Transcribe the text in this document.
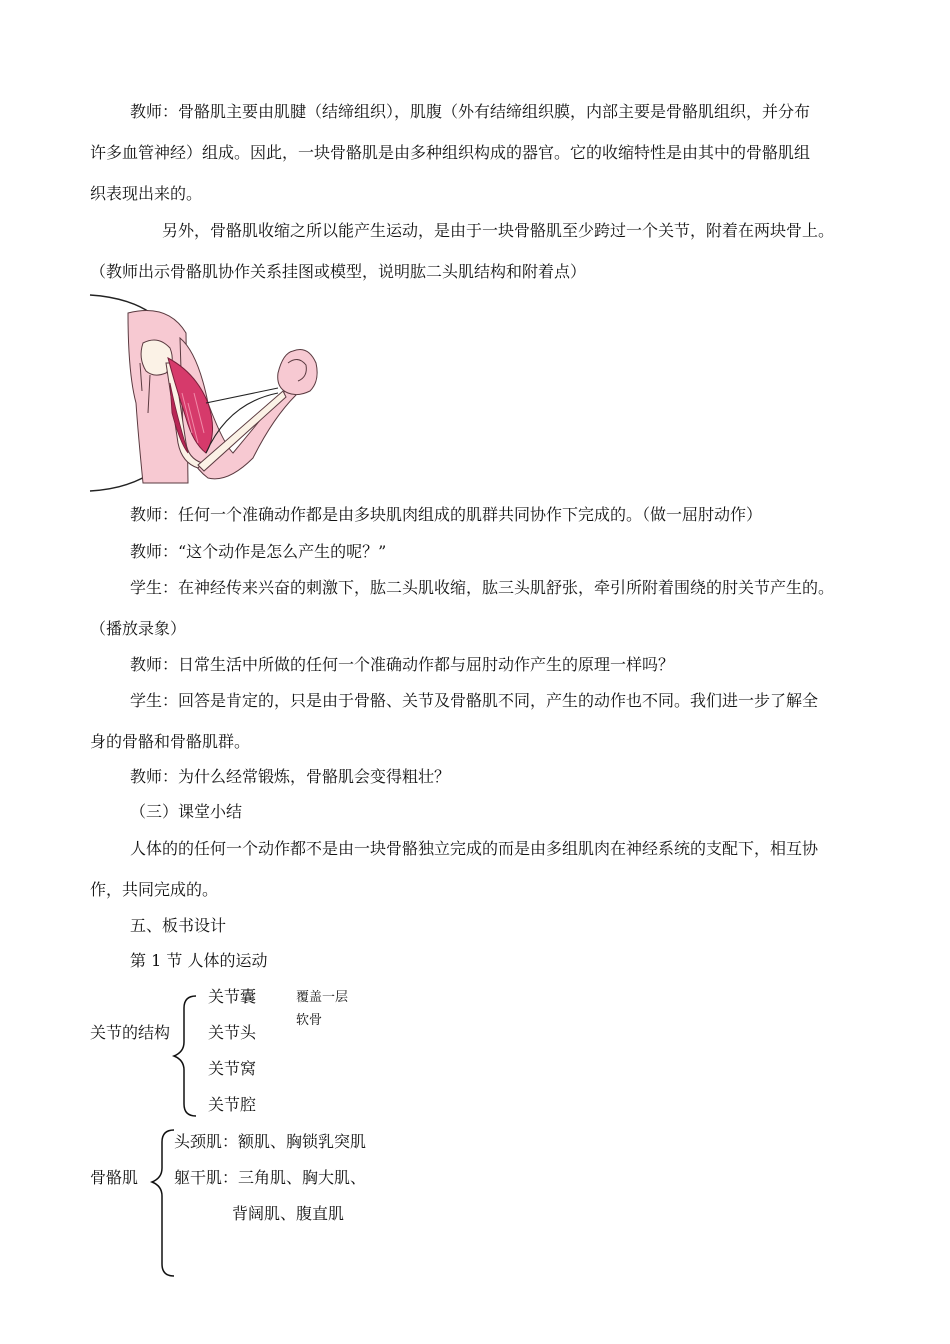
教师：骨骼肌主要由肌腱（结缔组织），肌腹（外有结缔组织膜，内部主要是骨骼肌组织，并分布
许多血管神经）组成。因此，一块骨骼肌是由多种组织构成的器官。它的收缩特性是由其中的骨骼肌组
织表现出来的。
另外，骨骼肌收缩之所以能产生运动，是由于一块骨骼肌至少跨过一个关节，附着在两块骨上。
（教师出示骨骼肌协作关系挂图或模型，说明肱二头肌结构和附着点）
教师：任何一个准确动作都是由多块肌肉组成的肌群共同协作下完成的。（做一屈肘动作）
教师：“这个动作是怎么产生的呢？”
学生：在神经传来兴奋的刺激下，肱二头肌收缩，肱三头肌舒张，牵引所附着围绕的肘关节产生的。
（播放录象）
教师：日常生活中所做的任何一个准确动作都与屈肘动作产生的原理一样吗？
学生：回答是肯定的，只是由于骨骼、关节及骨骼肌不同，产生的动作也不同。我们进一步了解全
身的骨骼和骨骼肌群。
教师：为什么经常锻炼，骨骼肌会变得粗壮？
（三）课堂小结
人体的的任何一个动作都不是由一块骨骼独立完成的而是由多组肌肉在神经系统的支配下，相互协
作，共同完成的。
五、板书设计
第 1 节 人体的运动
关节的结构
关节囊
关节头
关节窝
关节腔
覆盖一层
软骨
骨骼肌
头颈肌：额肌、胸锁乳突肌
躯干肌：三角肌、胸大肌、
背阔肌、腹直肌
